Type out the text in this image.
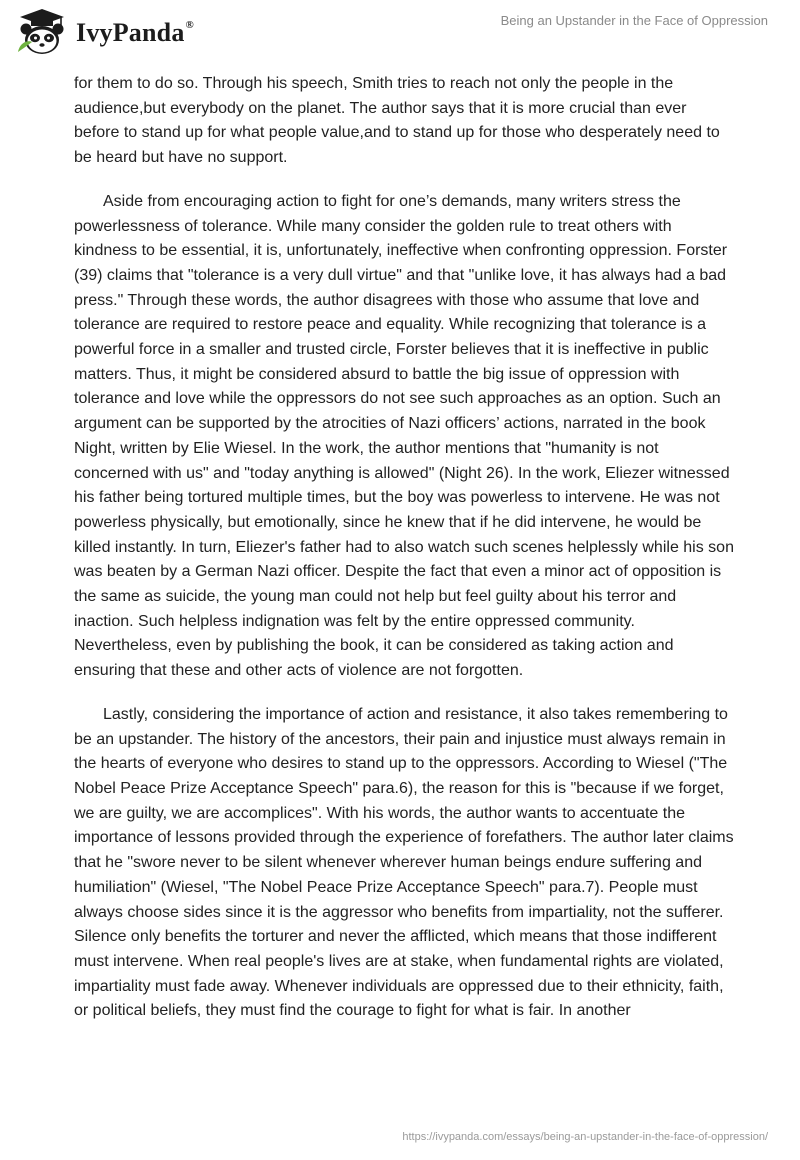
IvyPanda®	Being an Upstander in the Face of Oppression

for them to do so. Through his speech, Smith tries to reach not only the people in the audience,but everybody on the planet. The author says that it is more crucial than ever before to stand up for what people value,and to stand up for those who desperately need to be heard but have no support.

Aside from encouraging action to fight for one’s demands, many writers stress the powerlessness of tolerance. While many consider the golden rule to treat others with kindness to be essential, it is, unfortunately, ineffective when confronting oppression. Forster (39) claims that "tolerance is a very dull virtue" and that "unlike love, it has always had a bad press." Through these words, the author disagrees with those who assume that love and tolerance are required to restore peace and equality. While recognizing that tolerance is a powerful force in a smaller and trusted circle, Forster believes that it is ineffective in public matters. Thus, it might be considered absurd to battle the big issue of oppression with tolerance and love while the oppressors do not see such approaches as an option. Such an argument can be supported by the atrocities of Nazi officers’ actions, narrated in the book Night, written by Elie Wiesel. In the work, the author mentions that "humanity is not concerned with us" and "today anything is allowed" (Night 26). In the work, Eliezer witnessed his father being tortured multiple times, but the boy was powerless to intervene. He was not powerless physically, but emotionally, since he knew that if he did intervene, he would be killed instantly. In turn, Eliezer's father had to also watch such scenes helplessly while his son was beaten by a German Nazi officer. Despite the fact that even a minor act of opposition is the same as suicide, the young man could not help but feel guilty about his terror and inaction. Such helpless indignation was felt by the entire oppressed community. Nevertheless, even by publishing the book, it can be considered as taking action and ensuring that these and other acts of violence are not forgotten.

Lastly, considering the importance of action and resistance, it also takes remembering to be an upstander. The history of the ancestors, their pain and injustice must always remain in the hearts of everyone who desires to stand up to the oppressors. According to Wiesel ("The Nobel Peace Prize Acceptance Speech" para.6), the reason for this is "because if we forget, we are guilty, we are accomplices". With his words, the author wants to accentuate the importance of lessons provided through the experience of forefathers. The author later claims that he "swore never to be silent whenever wherever human beings endure suffering and humiliation" (Wiesel, "The Nobel Peace Prize Acceptance Speech" para.7). People must always choose sides since it is the aggressor who benefits from impartiality, not the sufferer. Silence only benefits the torturer and never the afflicted, which means that those indifferent must intervene. When real people's lives are at stake, when fundamental rights are violated, impartiality must fade away. Whenever individuals are oppressed due to their ethnicity, faith, or political beliefs, they must find the courage to fight for what is fair. In another

https://ivypanda.com/essays/being-an-upstander-in-the-face-of-oppression/
